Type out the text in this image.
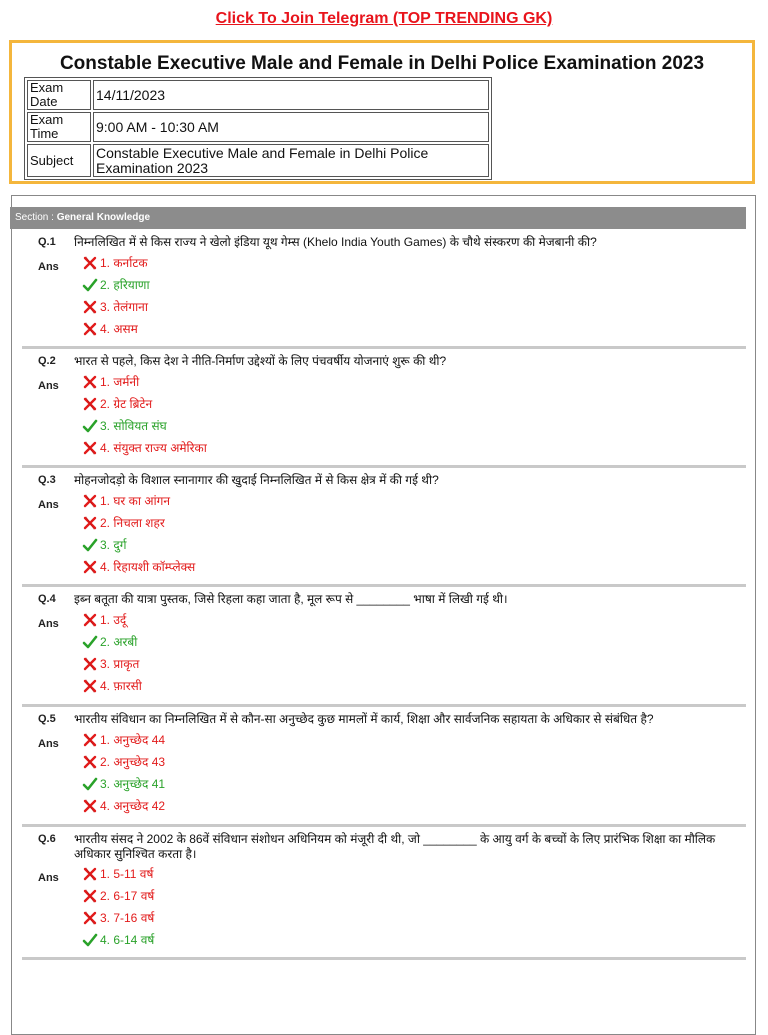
Click To Join Telegram (TOP TRENDING GK)
Constable Executive Male and Female in Delhi Police Examination 2023
Exam Date	14/11/2023
Exam Time	9:00 AM - 10:30 AM
Subject	Constable Executive Male and Female in Delhi Police Examination 2023
Section : General Knowledge
Q.1 निम्नलिखित में से किस राज्य ने खेलो इंडिया यूथ गेम्स (Khelo India Youth Games) के चौथे संस्करण की मेजबानी की?
Ans	1. कर्नाटक
2. हरियाणा
3. तेलंगाना
4. असम
Q.2 भारत से पहले, किस देश ने नीति-निर्माण उद्देश्यों के लिए पंचवर्षीय योजनाएं शुरू की थी?
Ans	1. जर्मनी
2. ग्रेट ब्रिटेन
3. सोवियत संघ
4. संयुक्त राज्य अमेरिका
Q.3 मोहनजोदड़ो के विशाल स्नानागार की खुदाई निम्नलिखित में से किस क्षेत्र में की गई थी?
Ans	1. घर का आंगन
2. निचला शहर
3. दुर्ग
4. रिहायशी कॉम्प्लेक्स
Q.4 इब्न बतूता की यात्रा पुस्तक, जिसे रिहला कहा जाता है, मूल रूप से ________ भाषा में लिखी गई थी।
Ans	1. उर्दू
2. अरबी
3. प्राकृत
4. फ़ारसी
Q.5 भारतीय संविधान का निम्नलिखित में से कौन-सा अनुच्छेद कुछ मामलों में कार्य, शिक्षा और सार्वजनिक सहायता के अधिकार से संबंधित है?
Ans	1. अनुच्छेद 44
2. अनुच्छेद 43
3. अनुच्छेद 41
4. अनुच्छेद 42
Q.6 भारतीय संसद ने 2002 के 86वें संविधान संशोधन अधिनियम को मंजूरी दी थी, जो ________ के आयु वर्ग के बच्चों के लिए प्रारंभिक शिक्षा का मौलिक अधिकार सुनिश्चित करता है।
Ans	1. 5-11 वर्ष
2. 6-17 वर्ष
3. 7-16 वर्ष
4. 6-14 वर्ष
